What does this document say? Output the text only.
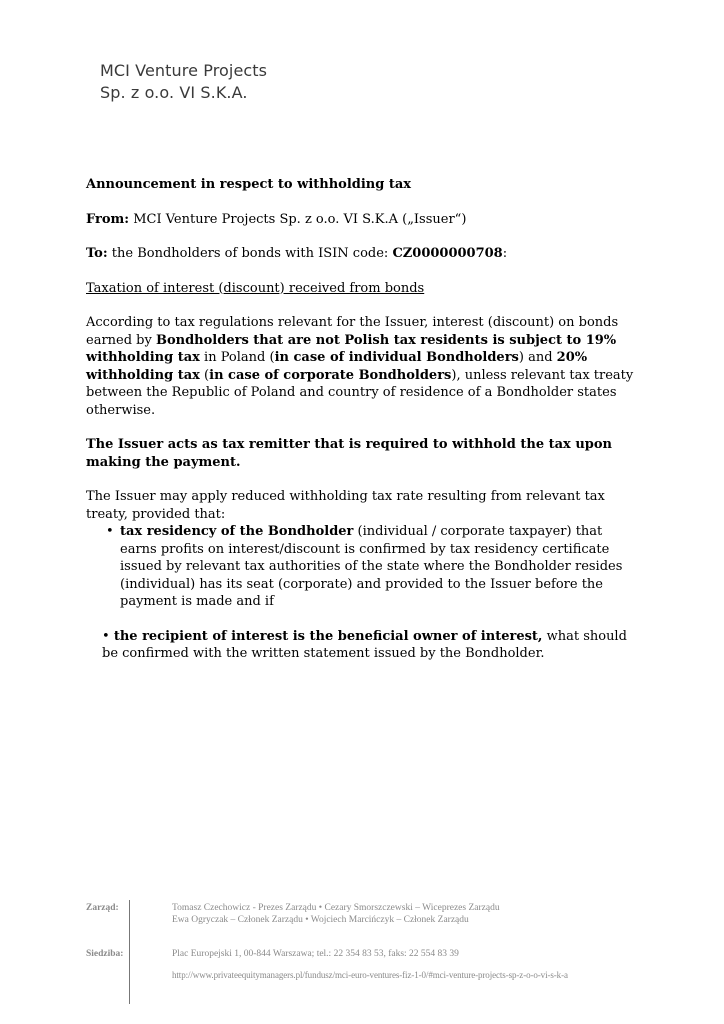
MCI Venture Projects
Sp. z o.o. VI S.K.A.

Announcement in respect to withholding tax

From: MCI Venture Projects Sp. z o.o. VI S.K.A („Issuer“)

To: the Bondholders of bonds with ISIN code: CZ0000000708:

Taxation of interest (discount) received from bonds

According to tax regulations relevant for the Issuer, interest (discount) on bonds earned by Bondholders that are not Polish tax residents is subject to 19% withholding tax in Poland (in case of individual Bondholders) and 20% withholding tax (in case of corporate Bondholders), unless relevant tax treaty between the Republic of Poland and country of residence of a Bondholder states otherwise.

The Issuer acts as tax remitter that is required to withhold the tax upon making the payment.

The Issuer may apply reduced withholding tax rate resulting from relevant tax treaty, provided that:

• tax residency of the Bondholder (individual / corporate taxpayer) that earns profits on interest/discount is confirmed by tax residency certificate issued by relevant tax authorities of the state where the Bondholder resides (individual) has its seat (corporate) and provided to the Issuer before the payment is made and if
• the recipient of interest is the beneficial owner of interest, what should be confirmed with the written statement issued by the Bondholder.
Zarząd:	Tomasz Czechowicz - Prezes Zarządu • Cezary Smorszczewski – Wiceprezes Zarządu
Ewa Ogryczak – Członek Zarządu • Wojciech Marcińczyk – Członek Zarządu
Siedziba:	Plac Europejski 1, 00-844 Warszawa; tel.: 22 354 83 53, faks: 22 554 83 39
http://www.privateequitymanagers.pl/fundusz/mci-euro-ventures-fiz-1-0/#mci-venture-projects-sp-z-o-o-vi-s-k-a
